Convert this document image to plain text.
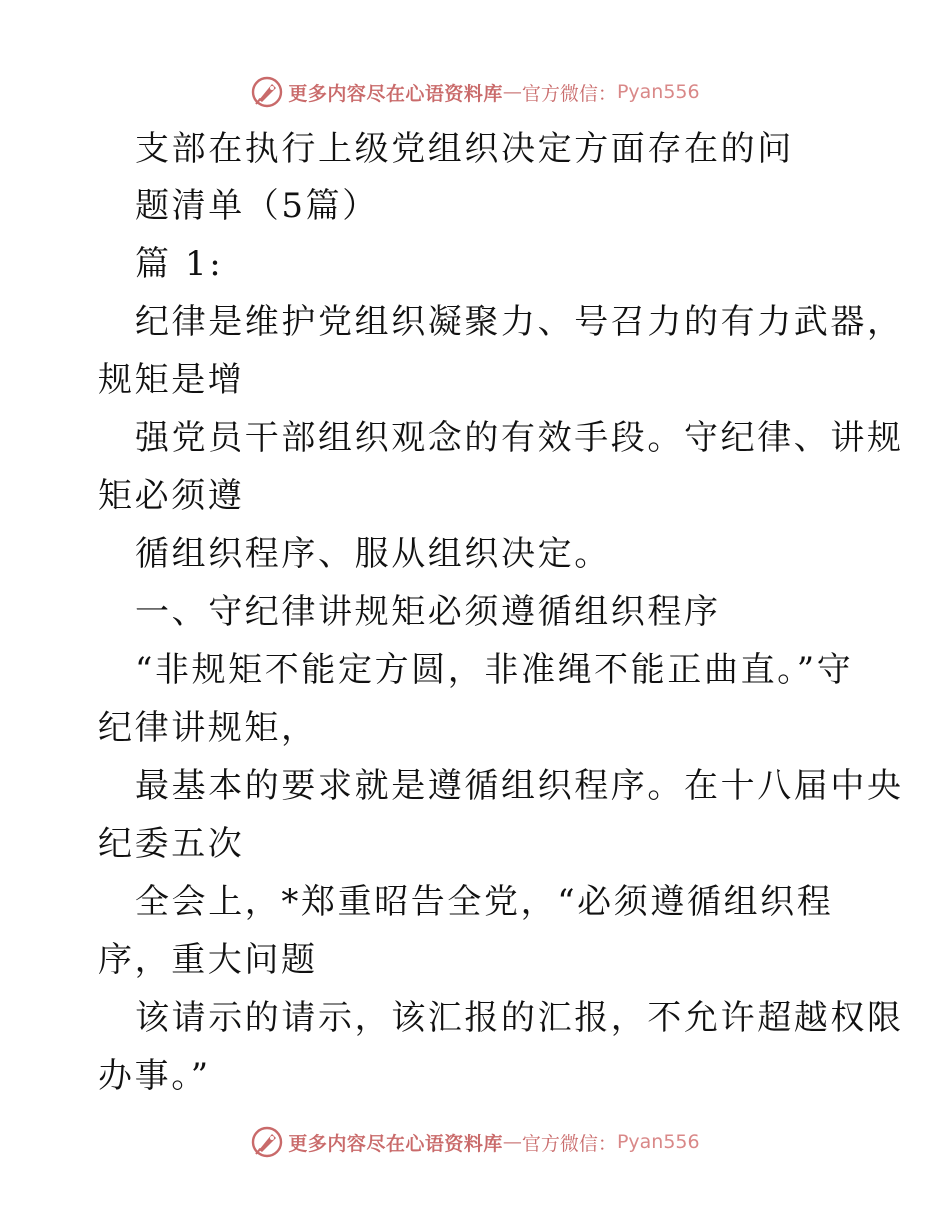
更多内容尽在心语资料库 — 官方微信： Pyan556
支部在执行上级党组织决定方面存在的问
题清单（5篇）
篇 1:
纪律是维护党组织凝聚力、号召力的有力武器，
规矩是增
强党员干部组织观念的有效手段。守纪律、讲规
矩必须遵
循组织程序、服从组织决定。
一、守纪律讲规矩必须遵循组织程序
“非规矩不能定方圆，非准绳不能正曲直。”守
纪律讲规矩，
最基本的要求就是遵循组织程序。在十八届中央
纪委五次
全会上，*郑重昭告全党，“必须遵循组织程
序，重大问题
该请示的请示，该汇报的汇报，不允许超越权限
办事。”
更多内容尽在心语资料库 — 官方微信： Pyan556
